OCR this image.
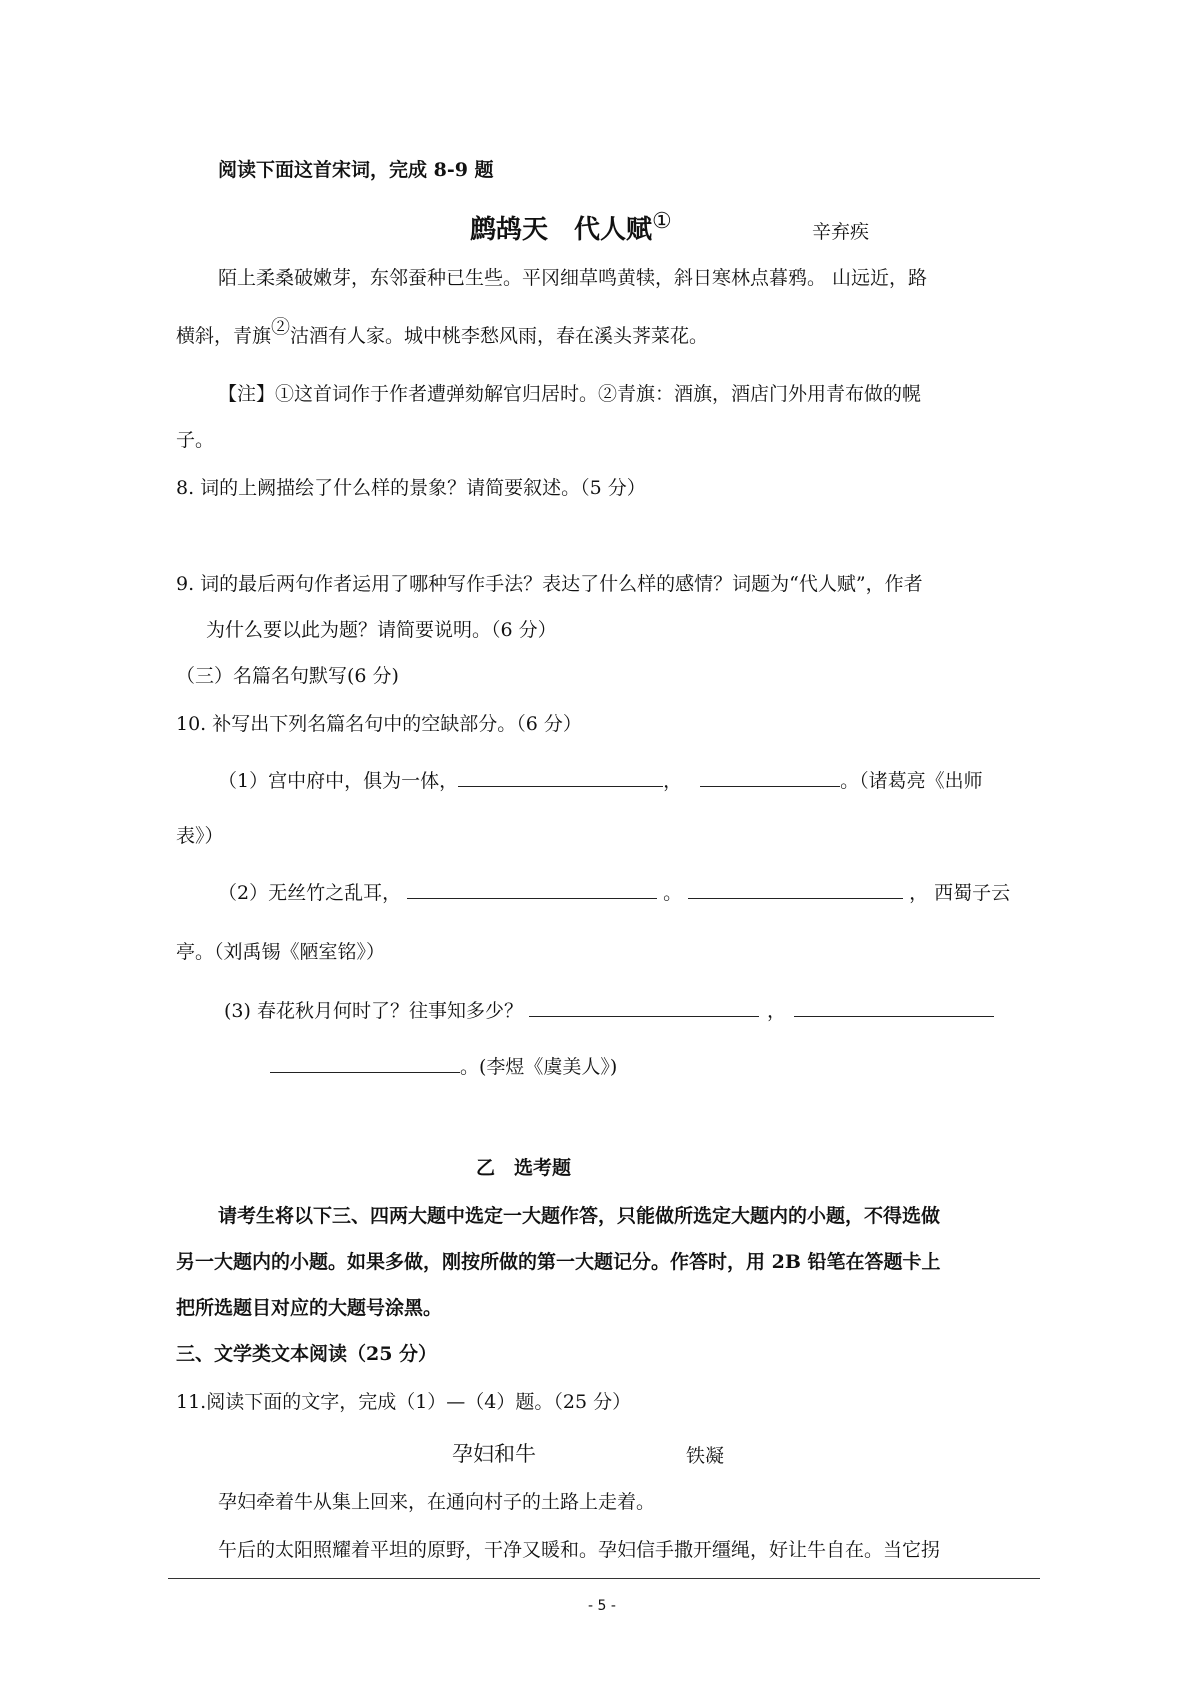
阅读下面这首宋词，完成 8-9 题
鹧鸪天　代人赋①	辛弃疾
陌上柔桑破嫩芽，东邻蚕种已生些。平冈细草鸣黄犊，斜日寒林点暮鸦。 山远近，路
横斜，青旗②沽酒有人家。城中桃李愁风雨，春在溪头荠菜花。
【注】①这首词作于作者遭弹劾解官归居时。②青旗：酒旗，酒店门外用青布做的幌
子。
8. 词的上阙描绘了什么样的景象？请简要叙述。（5 分）
9. 词的最后两句作者运用了哪种写作手法？表达了什么样的感情？词题为“代人赋”，作者
为什么要以此为题？请简要说明。（6 分）
（三）名篇名句默写(6 分)
10. 补写出下列名篇名句中的空缺部分。（6 分）
（1）宫中府中，俱为一体，	，	。（诸葛亮《出师
表》）
（2）无丝竹之乱耳，	。	， 西蜀子云
亭。（刘禹锡《陋室铭》）
(3) 春花秋月何时了？往事知多少？	，
。(李煜《虞美人》)
乙　选考题
请考生将以下三、四两大题中选定一大题作答，只能做所选定大题内的小题，不得选做
另一大题内的小题。如果多做，刚按所做的第一大题记分。作答时，用 2B 铅笔在答题卡上
把所选题目对应的大题号涂黑。
三、文学类文本阅读（25 分）
11.阅读下面的文字，完成（1）—（4）题。（25 分）
孕妇和牛	铁凝
孕妇牵着牛从集上回来，在通向村子的土路上走着。
午后的太阳照耀着平坦的原野，干净又暖和。孕妇信手撒开缰绳，好让牛自在。当它拐
- 5 -
